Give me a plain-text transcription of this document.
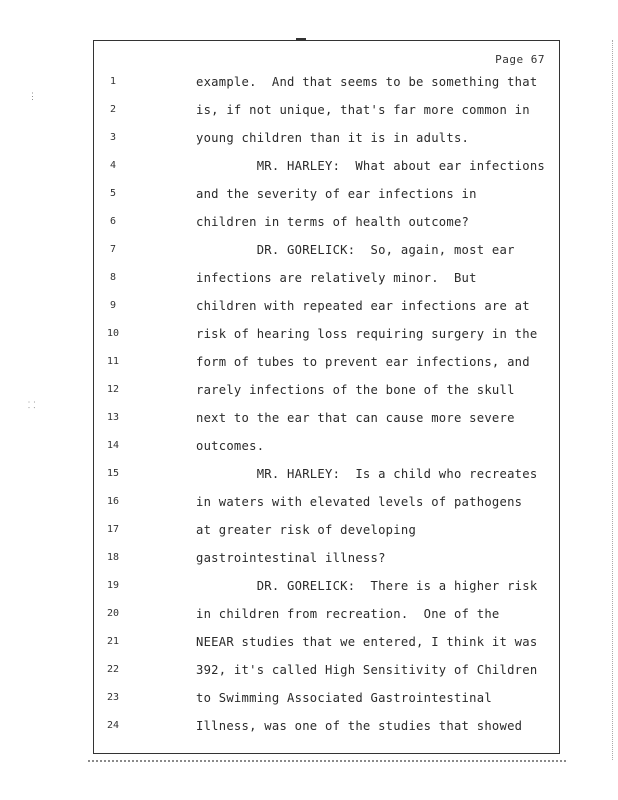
⋮
⸬
Page 67
1	example.  And that seems to be something that
2	is, if not unique, that's far more common in
3	young children than it is in adults.
4	MR. HARLEY:  What about ear infections
5	and the severity of ear infections in
6	children in terms of health outcome?
7	DR. GORELICK:  So, again, most ear
8	infections are relatively minor.  But
9	children with repeated ear infections are at
10	risk of hearing loss requiring surgery in the
11	form of tubes to prevent ear infections, and
12	rarely infections of the bone of the skull
13	next to the ear that can cause more severe
14	outcomes.
15	MR. HARLEY:  Is a child who recreates
16	in waters with elevated levels of pathogens
17	at greater risk of developing
18	gastrointestinal illness?
19	DR. GORELICK:  There is a higher risk
20	in children from recreation.  One of the
21	NEEAR studies that we entered, I think it was
22	392, it's called High Sensitivity of Children
23	to Swimming Associated Gastrointestinal
24	Illness, was one of the studies that showed
